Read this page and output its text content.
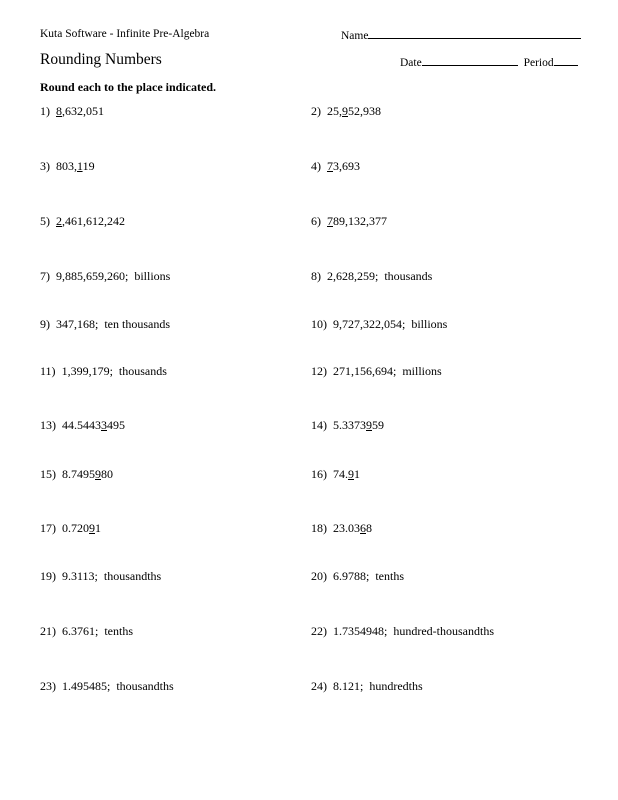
Kuta Software - Infinite Pre-Algebra	Name
Rounding Numbers	Date	Period
Round each to the place indicated.
1) 8,632,051	2) 25,952,938
3) 803,119	4) 73,693
5) 2,461,612,242	6) 789,132,377
7) 9,885,659,260;  billions	8) 2,628,259;  thousands
9) 347,168;  ten thousands	10) 9,727,322,054;  billions
11) 1,399,179;  thousands	12) 271,156,694;  millions
13) 44.54433495	14) 5.3373959
15) 8.7495980	16) 74.91
17) 0.72091	18) 23.0368
19) 9.3113;  thousandths	20) 6.9788;  tenths
21) 6.3761;  tenths	22) 1.7354948;  hundred-thousandths
23) 1.495485;  thousandths	24) 8.121;  hundredths
